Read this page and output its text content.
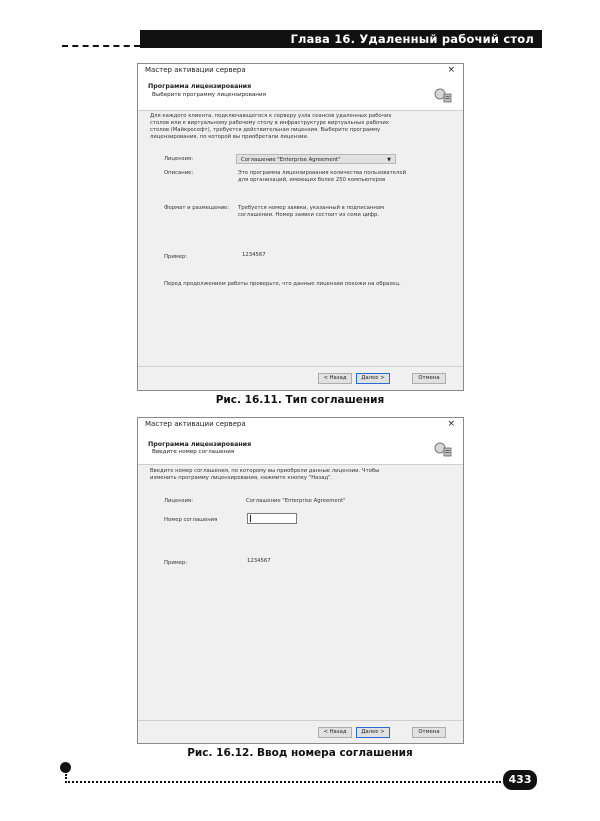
Глава 16. Удаленный рабочий стол
Мастер активации сервера	×
Программа лицензирования
Выберите программу лицензирования
Для каждого клиента, подключающегося к серверу узла сеансов удаленных рабочих столов или к виртуальному рабочему столу в инфраструктуре виртуальных рабочих столов (Майкрософт), требуется действительная лицензия. Выберите программу лицензирования, по которой вы приобретали лицензии.
Лицензия:	Соглашение "Enterprise Agreement"	▼
Описание:	Это программа лицензирования количества пользователей для организаций, имеющих более 250 компьютеров
Формат и размещение: Требуется номер заявки, указанный в подписанном соглашении. Номер заявки состоит из семи цифр.
Пример:	1234567
Перед продолжением работы проверьте, что данные лицензии похожи на образец.
< Назад	Далее >	Отмена
Рис. 16.11. Тип соглашения
Мастер активации сервера	×
Программа лицензирования
Введите номер соглашения
Введите номер соглашения, по которому вы приобрели данные лицензии. Чтобы изменить программу лицензирования, нажмите кнопку "Назад".
Лицензия:	Соглашение "Enterprise Agreement"
Номер соглашения
Пример:	1234567
< Назад	Далее >	Отмена
Рис. 16.12. Ввод номера соглашения
433
